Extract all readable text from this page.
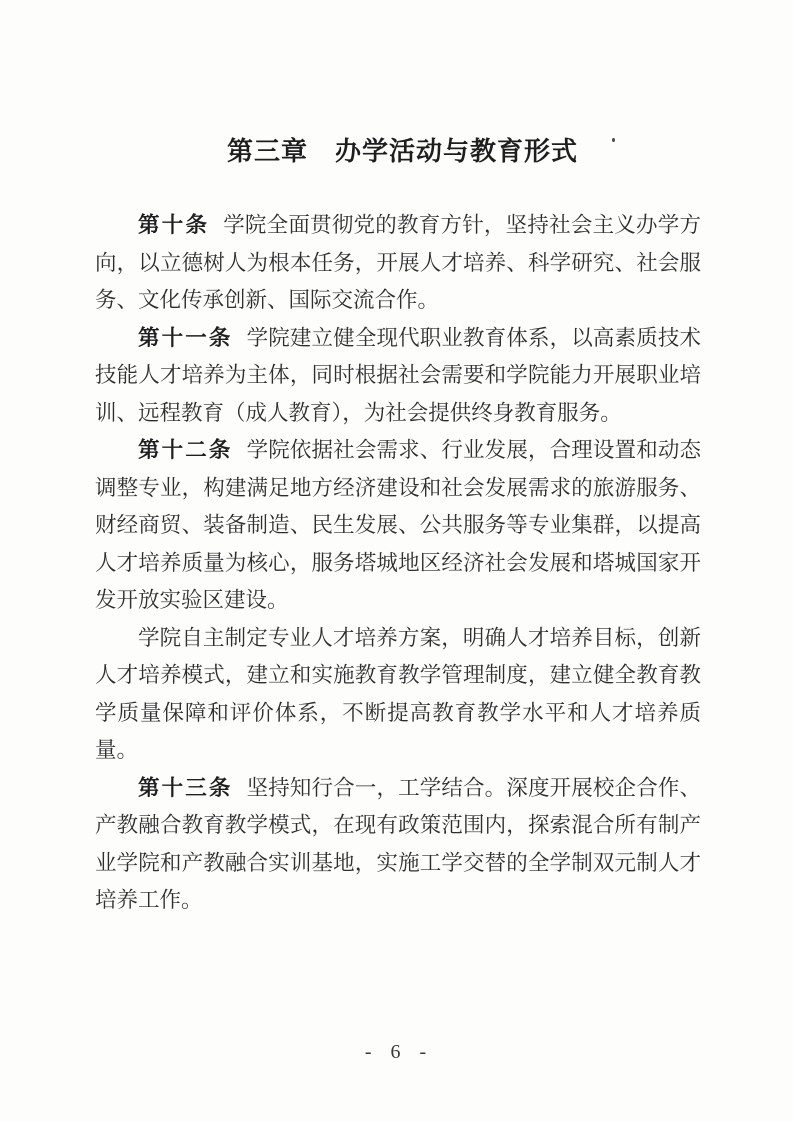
第三章　办学活动与教育形式

第十条 学院全面贯彻党的教育方针，坚持社会主义办学方向，以立德树人为根本任务，开展人才培养、科学研究、社会服务、文化传承创新、国际交流合作。

第十一条 学院建立健全现代职业教育体系，以高素质技术技能人才培养为主体，同时根据社会需要和学院能力开展职业培训、远程教育（成人教育），为社会提供终身教育服务。

第十二条 学院依据社会需求、行业发展，合理设置和动态调整专业，构建满足地方经济建设和社会发展需求的旅游服务、财经商贸、装备制造、民生发展、公共服务等专业集群，以提高人才培养质量为核心，服务塔城地区经济社会发展和塔城国家开发开放实验区建设。

学院自主制定专业人才培养方案，明确人才培养目标，创新人才培养模式，建立和实施教育教学管理制度，建立健全教育教学质量保障和评价体系，不断提高教育教学水平和人才培养质量。

第十三条 坚持知行合一，工学结合。深度开展校企合作、产教融合教育教学模式，在现有政策范围内，探索混合所有制产业学院和产教融合实训基地，实施工学交替的全学制双元制人才培养工作。

- 6 -
